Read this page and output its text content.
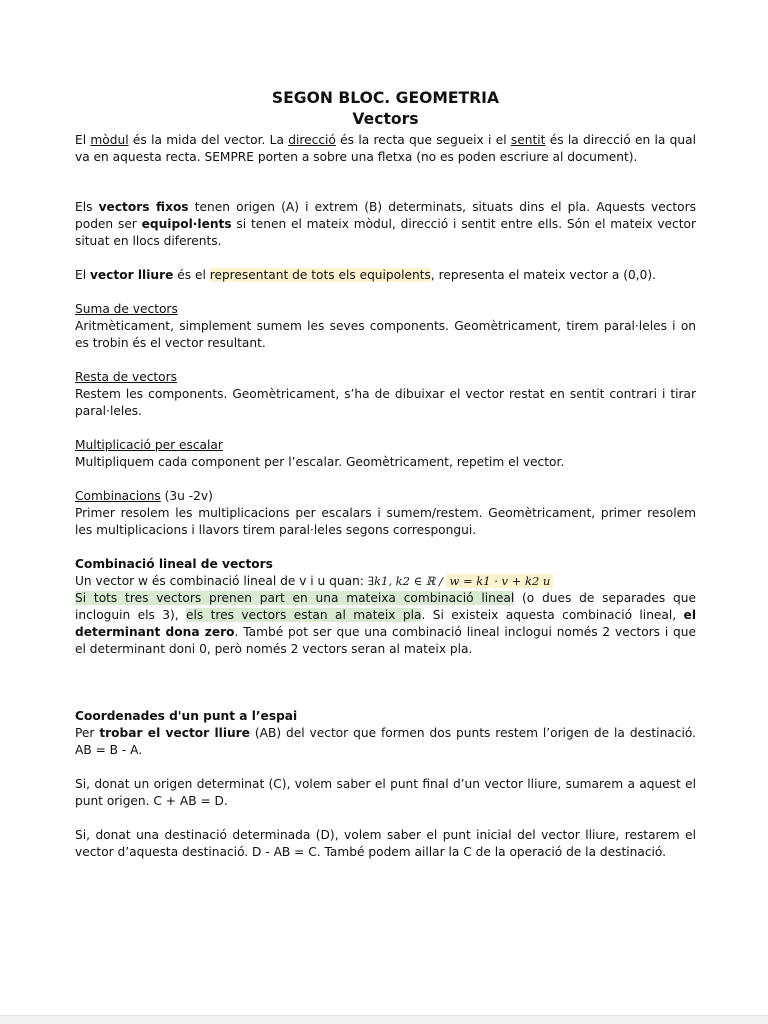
SEGON BLOC. GEOMETRIA
Vectors

El mòdul és la mida del vector. La direcció és la recta que segueix i el sentit és la direcció en la qual va en aquesta recta. SEMPRE porten a sobre una fletxa (no es poden escriure al document).

Els vectors fixos tenen origen (A) i extrem (B) determinats, situats dins el pla. Aquests vectors poden ser equipol·lents si tenen el mateix mòdul, direcció i sentit entre ells. Són el mateix vector situat en llocs diferents.

El vector lliure és el representant de tots els equipolents, representa el mateix vector a (0,0).

Suma de vectors

Aritmèticament, simplement sumem les seves components. Geomètricament, tirem paral·leles i on es trobin és el vector resultant.

Resta de vectors

Restem les components. Geomètricament, s’ha de dibuixar el vector restat en sentit contrari i tirar paral·leles.

Multiplicació per escalar

Multipliquem cada component per l’escalar. Geomètricament, repetim el vector.

Combinacions (3u -2v)

Primer resolem les multiplicacions per escalars i sumem/restem. Geomètricament, primer resolem les multiplicacions i llavors tirem paral·leles segons correspongui.

Combinació lineal de vectors

Un vector w és combinació lineal de v i u quan: ∃k1, k2 ∈ ℝ / w = k1 · v + k2 u

Si tots tres vectors prenen part en una mateixa combinació lineal (o dues de separades que incloguin els 3), els tres vectors estan al mateix pla. Si existeix aquesta combinació lineal, el determinant dona zero. També pot ser que una combinació lineal inclogui només 2 vectors i que el determinant doni 0, però només 2 vectors seran al mateix pla.

Coordenades d'un punt a l’espai

Per trobar el vector lliure (AB) del vector que formen dos punts restem l’origen de la destinació. AB = B - A.

Si, donat un origen determinat (C), volem saber el punt final d’un vector lliure, sumarem a aquest el punt origen. C + AB = D.

Si, donat una destinació determinada (D), volem saber el punt inicial del vector lliure, restarem el vector d’aquesta destinació. D - AB = C. També podem aillar la C de la operació de la destinació.
